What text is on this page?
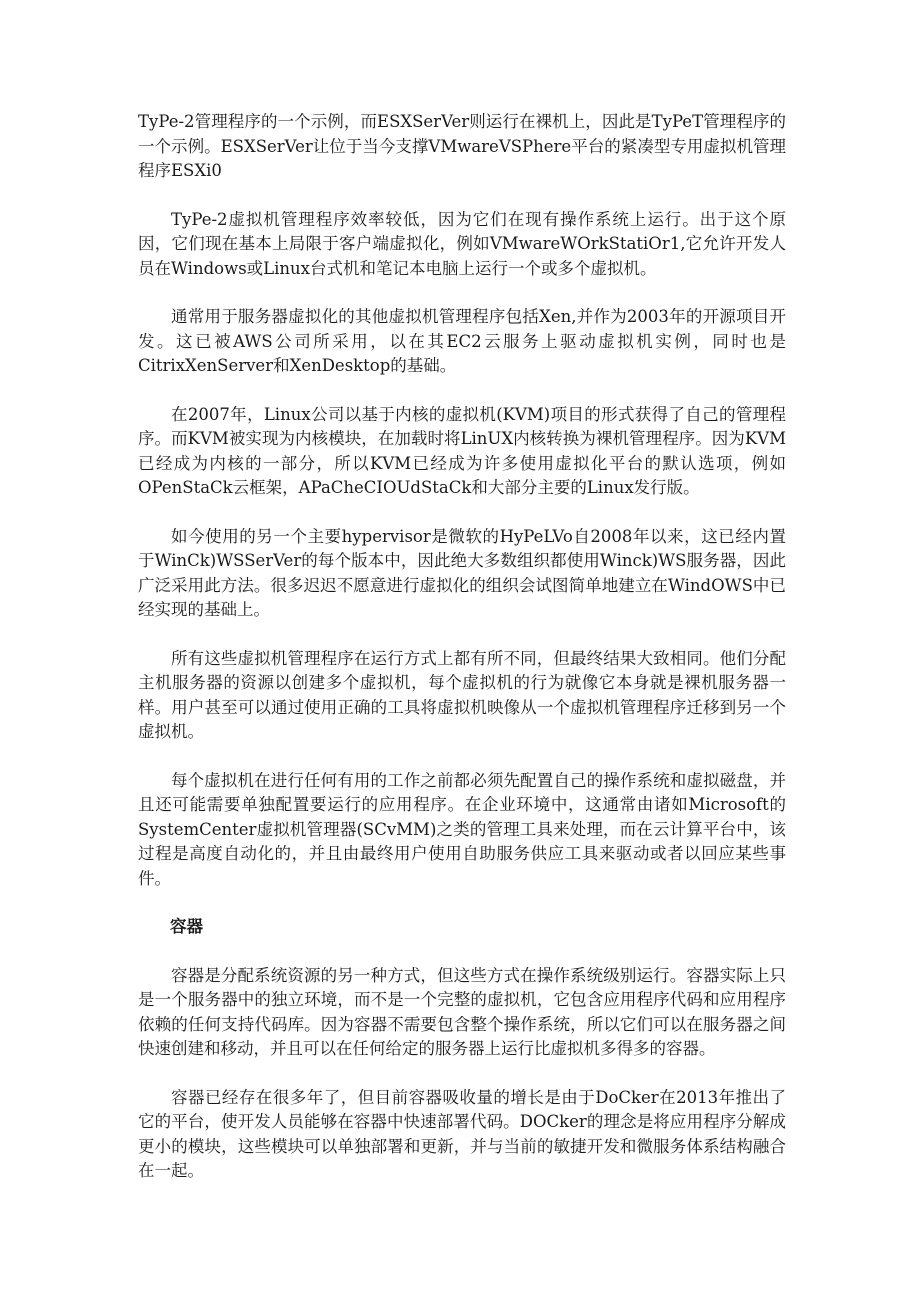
TyPe-2管理程序的一个示例，而ESXSerVer则运行在裸机上，因此是TyPeT管理程序的一个示例。ESXSerVer让位于当今支撑VMwareVSPhere平台的紧凑型专用虚拟机管理程序ESXi0

TyPe-2虚拟机管理程序效率较低，因为它们在现有操作系统上运行。出于这个原因，它们现在基本上局限于客户端虚拟化，例如VMwareWOrkStatiOr1,它允许开发人员在Windows或Linux台式机和笔记本电脑上运行一个或多个虚拟机。

通常用于服务器虚拟化的其他虚拟机管理程序包括Xen,并作为2003年的开源项目开发。这已被AWS公司所采用，以在其EC2云服务上驱动虚拟机实例，同时也是CitrixXenServer和XenDesktop的基础。

在2007年，Linux公司以基于内核的虚拟机(KVM)项目的形式获得了自己的管理程序。而KVM被实现为内核模块，在加载时将LinUX内核转换为裸机管理程序。因为KVM已经成为内核的一部分，所以KVM已经成为许多使用虚拟化平台的默认选项，例如OPenStaCk云框架，APaCheCIOUdStaCk和大部分主要的Linux发行版。

如今使用的另一个主要hypervisor是微软的HyPeLVo自2008年以来，这已经内置于WinCk)WSSerVer的每个版本中，因此绝大多数组织都使用Winck)WS服务器，因此广泛采用此方法。很多迟迟不愿意进行虚拟化的组织会试图简单地建立在WindOWS中已经实现的基础上。

所有这些虚拟机管理程序在运行方式上都有所不同，但最终结果大致相同。他们分配主机服务器的资源以创建多个虚拟机，每个虚拟机的行为就像它本身就是裸机服务器一样。用户甚至可以通过使用正确的工具将虚拟机映像从一个虚拟机管理程序迁移到另一个虚拟机。

每个虚拟机在进行任何有用的工作之前都必须先配置自己的操作系统和虚拟磁盘，并且还可能需要单独配置要运行的应用程序。在企业环境中，这通常由诸如Microsoft的SystemCenter虚拟机管理器(SCvMM)之类的管理工具来处理，而在云计算平台中，该过程是高度自动化的，并且由最终用户使用自助服务供应工具来驱动或者以回应某些事件。

容器

容器是分配系统资源的另一种方式，但这些方式在操作系统级别运行。容器实际上只是一个服务器中的独立环境，而不是一个完整的虚拟机，它包含应用程序代码和应用程序依赖的任何支持代码库。因为容器不需要包含整个操作系统，所以它们可以在服务器之间快速创建和移动，并且可以在任何给定的服务器上运行比虚拟机多得多的容器。

容器已经存在很多年了，但目前容器吸收量的增长是由于DoCker在2013年推出了它的平台，使开发人员能够在容器中快速部署代码。DOCker的理念是将应用程序分解成更小的模块，这些模块可以单独部署和更新，并与当前的敏捷开发和微服务体系结构融合在一起。
